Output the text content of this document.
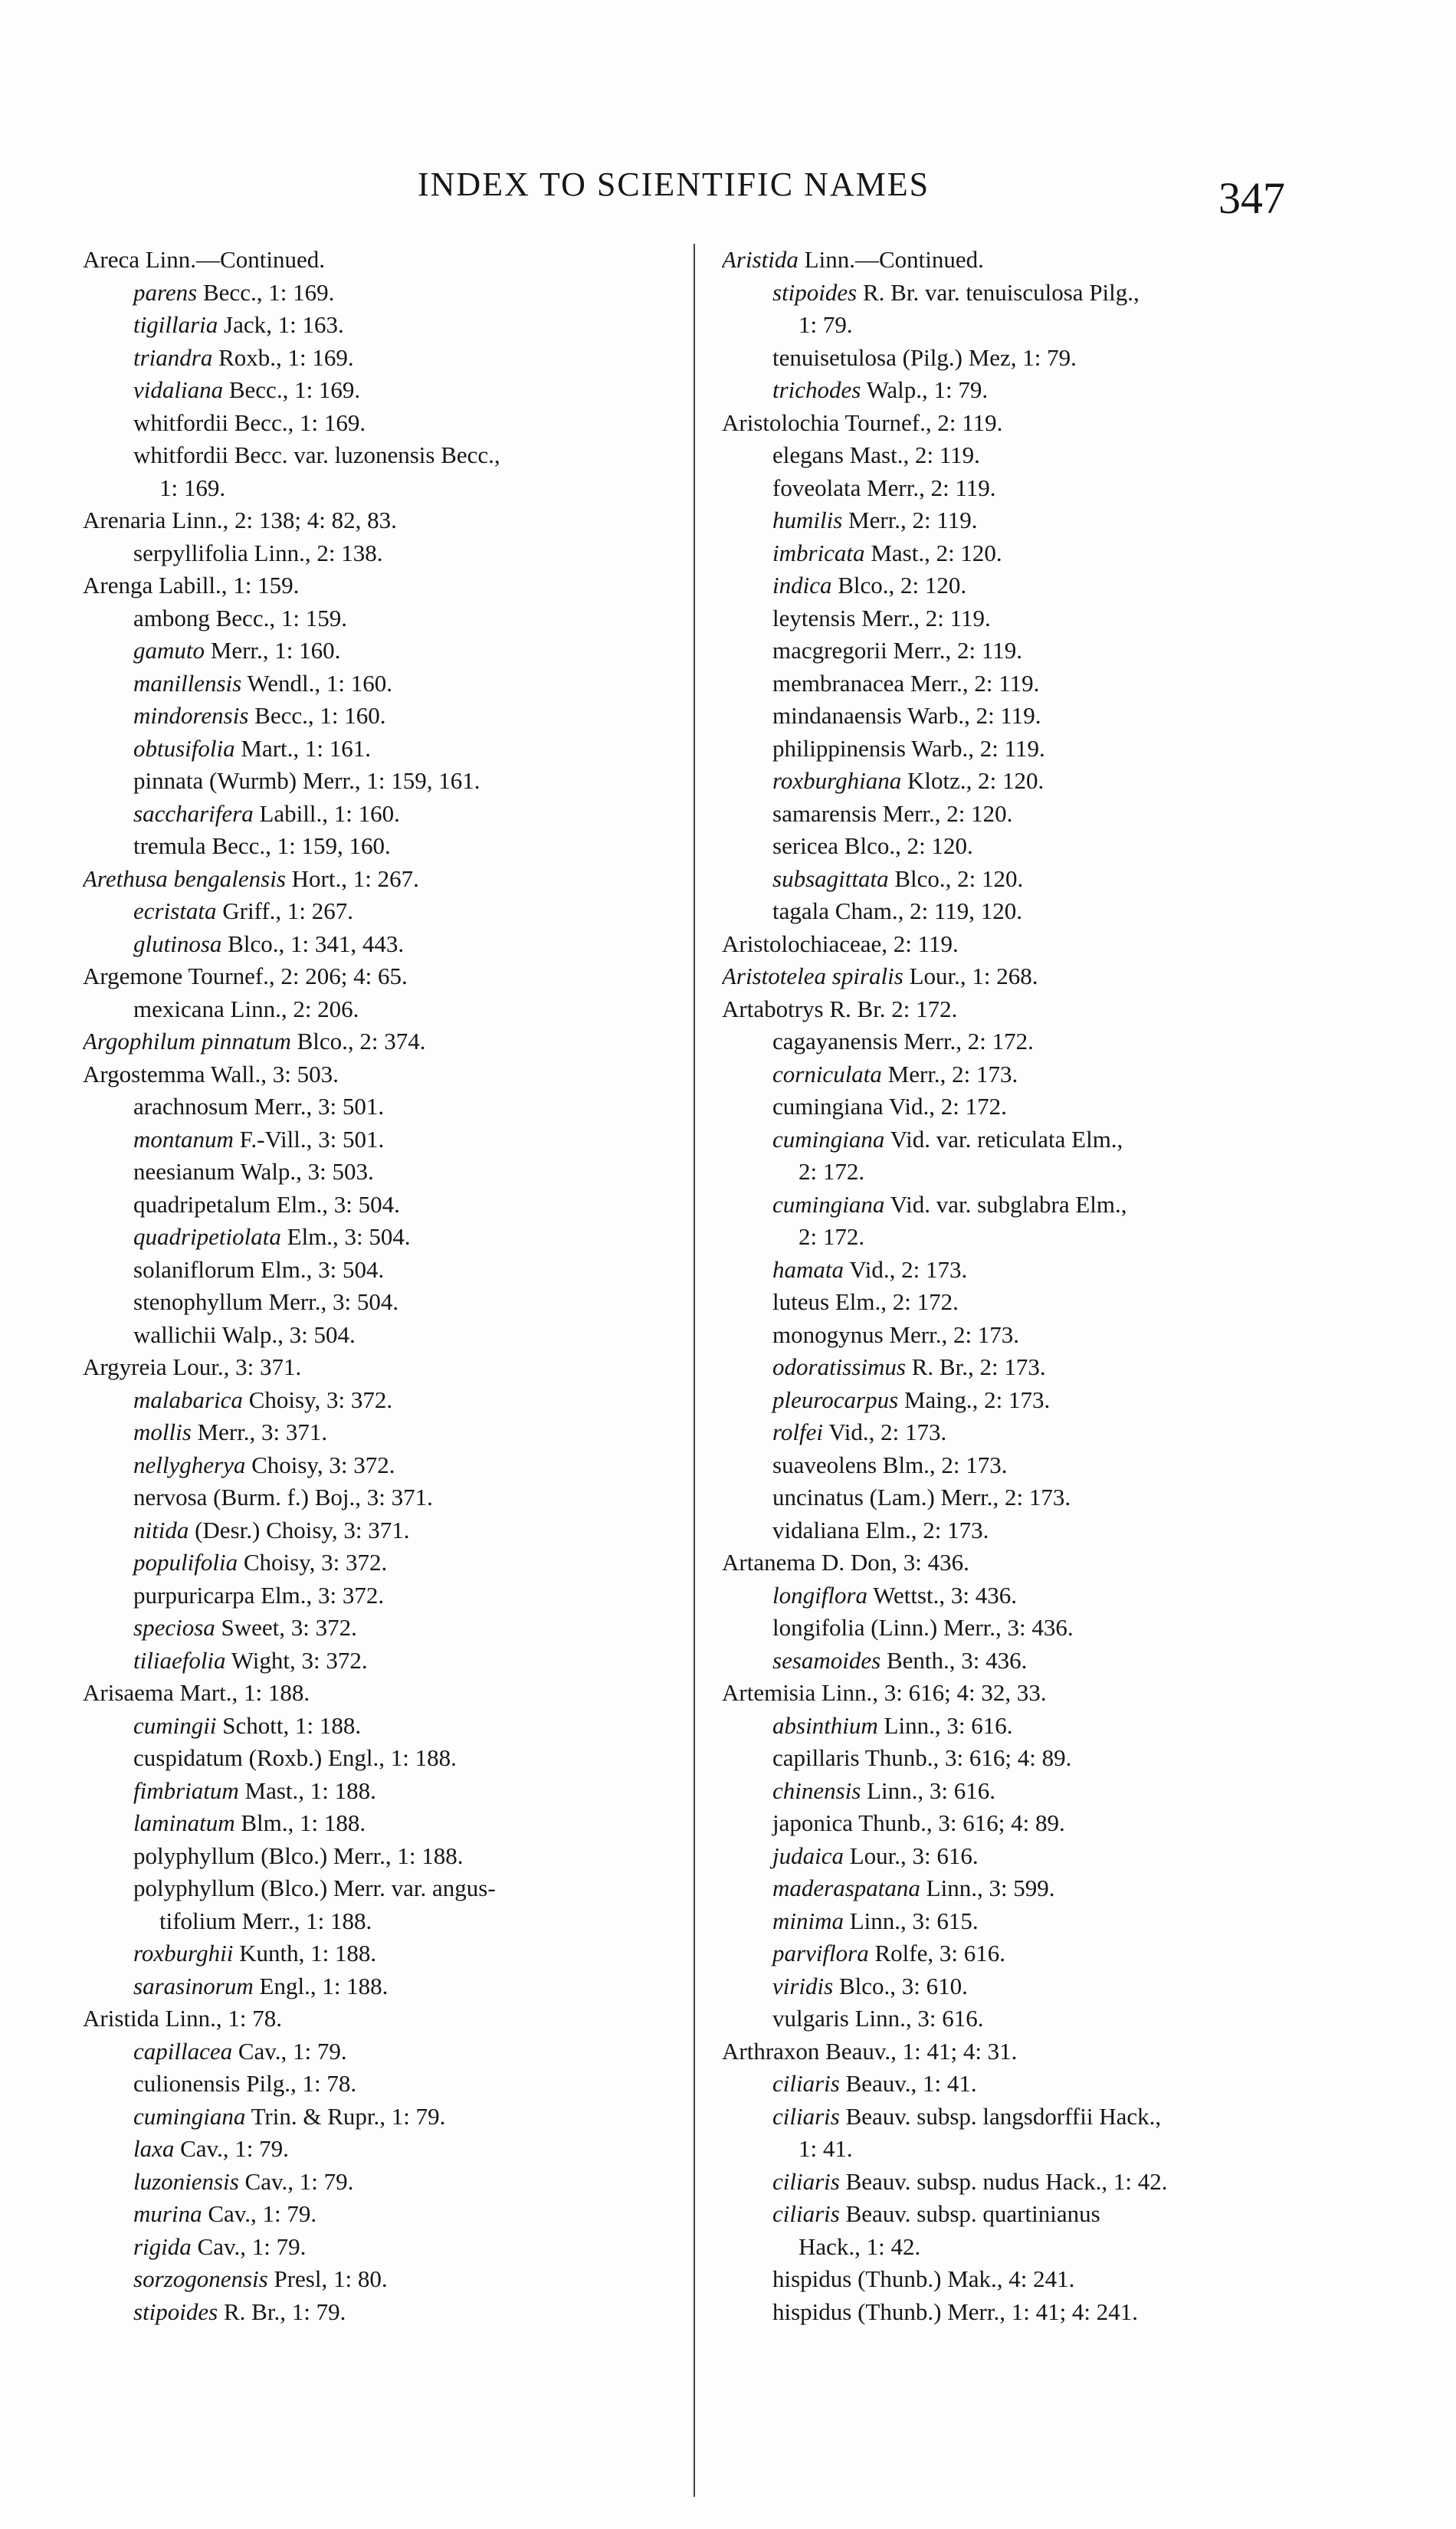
INDEX TO SCIENTIFIC NAMES	347
Areca Linn.—Continued.
parens Becc., 1: 169.
tigillaria Jack, 1: 163.
triandra Roxb., 1: 169.
vidaliana Becc., 1: 169.
whitfordii Becc., 1: 169.
whitfordii Becc. var. luzonensis Becc.,
1: 169.
Arenaria Linn., 2: 138; 4: 82, 83.
serpyllifolia Linn., 2: 138.
Arenga Labill., 1: 159.
ambong Becc., 1: 159.
gamuto Merr., 1: 160.
manillensis Wendl., 1: 160.
mindorensis Becc., 1: 160.
obtusifolia Mart., 1: 161.
pinnata (Wurmb) Merr., 1: 159, 161.
saccharifera Labill., 1: 160.
tremula Becc., 1: 159, 160.
Arethusa bengalensis Hort., 1: 267.
ecristata Griff., 1: 267.
glutinosa Blco., 1: 341, 443.
Argemone Tournef., 2: 206; 4: 65.
mexicana Linn., 2: 206.
Argophilum pinnatum Blco., 2: 374.
Argostemma Wall., 3: 503.
arachnosum Merr., 3: 501.
montanum F.-Vill., 3: 501.
neesianum Walp., 3: 503.
quadripetalum Elm., 3: 504.
quadripetiolata Elm., 3: 504.
solaniflorum Elm., 3: 504.
stenophyllum Merr., 3: 504.
wallichii Walp., 3: 504.
Argyreia Lour., 3: 371.
malabarica Choisy, 3: 372.
mollis Merr., 3: 371.
nellygherya Choisy, 3: 372.
nervosa (Burm. f.) Boj., 3: 371.
nitida (Desr.) Choisy, 3: 371.
populifolia Choisy, 3: 372.
purpuricarpa Elm., 3: 372.
speciosa Sweet, 3: 372.
tiliaefolia Wight, 3: 372.
Arisaema Mart., 1: 188.
cumingii Schott, 1: 188.
cuspidatum (Roxb.) Engl., 1: 188.
fimbriatum Mast., 1: 188.
laminatum Blm., 1: 188.
polyphyllum (Blco.) Merr., 1: 188.
polyphyllum (Blco.) Merr. var. angus-
tifolium Merr., 1: 188.
roxburghii Kunth, 1: 188.
sarasinorum Engl., 1: 188.
Aristida Linn., 1: 78.
capillacea Cav., 1: 79.
culionensis Pilg., 1: 78.
cumingiana Trin. & Rupr., 1: 79.
laxa Cav., 1: 79.
luzoniensis Cav., 1: 79.
murina Cav., 1: 79.
rigida Cav., 1: 79.
sorzogonensis Presl, 1: 80.
stipoides R. Br., 1: 79.
Aristida Linn.—Continued.
stipoides R. Br. var. tenuisculosa Pilg.,
1: 79.
tenuisetulosa (Pilg.) Mez, 1: 79.
trichodes Walp., 1: 79.
Aristolochia Tournef., 2: 119.
elegans Mast., 2: 119.
foveolata Merr., 2: 119.
humilis Merr., 2: 119.
imbricata Mast., 2: 120.
indica Blco., 2: 120.
leytensis Merr., 2: 119.
macgregorii Merr., 2: 119.
membranacea Merr., 2: 119.
mindanaensis Warb., 2: 119.
philippinensis Warb., 2: 119.
roxburghiana Klotz., 2: 120.
samarensis Merr., 2: 120.
sericea Blco., 2: 120.
subsagittata Blco., 2: 120.
tagala Cham., 2: 119, 120.
Aristolochiaceae, 2: 119.
Aristotelea spiralis Lour., 1: 268.
Artabotrys R. Br. 2: 172.
cagayanensis Merr., 2: 172.
corniculata Merr., 2: 173.
cumingiana Vid., 2: 172.
cumingiana Vid. var. reticulata Elm.,
2: 172.
cumingiana Vid. var. subglabra Elm.,
2: 172.
hamata Vid., 2: 173.
luteus Elm., 2: 172.
monogynus Merr., 2: 173.
odoratissimus R. Br., 2: 173.
pleurocarpus Maing., 2: 173.
rolfei Vid., 2: 173.
suaveolens Blm., 2: 173.
uncinatus (Lam.) Merr., 2: 173.
vidaliana Elm., 2: 173.
Artanema D. Don, 3: 436.
longiflora Wettst., 3: 436.
longifolia (Linn.) Merr., 3: 436.
sesamoides Benth., 3: 436.
Artemisia Linn., 3: 616; 4: 32, 33.
absinthium Linn., 3: 616.
capillaris Thunb., 3: 616; 4: 89.
chinensis Linn., 3: 616.
japonica Thunb., 3: 616; 4: 89.
judaica Lour., 3: 616.
maderaspatana Linn., 3: 599.
minima Linn., 3: 615.
parviflora Rolfe, 3: 616.
viridis Blco., 3: 610.
vulgaris Linn., 3: 616.
Arthraxon Beauv., 1: 41; 4: 31.
ciliaris Beauv., 1: 41.
ciliaris Beauv. subsp. langsdorffii Hack.,
1: 41.
ciliaris Beauv. subsp. nudus Hack., 1: 42.
ciliaris Beauv. subsp. quartinianus
Hack., 1: 42.
hispidus (Thunb.) Mak., 4: 241.
hispidus (Thunb.) Merr., 1: 41; 4: 241.
